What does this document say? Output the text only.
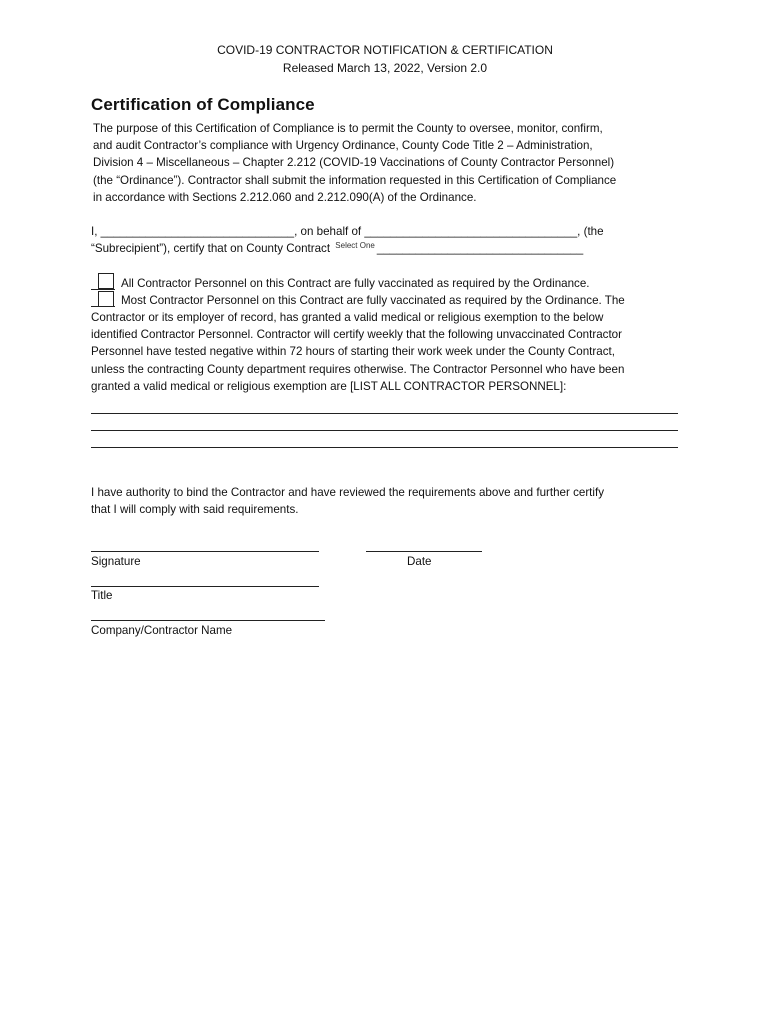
COVID-19 CONTRACTOR NOTIFICATION & CERTIFICATION
Released March 13, 2022, Version 2.0
Certification of Compliance
The purpose of this Certification of Compliance is to permit the County to oversee, monitor, confirm,
and audit Contractor’s compliance with Urgency Ordinance, County Code Title 2 – Administration,
Division 4 – Miscellaneous – Chapter 2.212 (COVID-19 Vaccinations of County Contractor Personnel)
(the “Ordinance”). Contractor shall submit the information requested in this Certification of Compliance
in accordance with Sections 2.212.060 and 2.212.090(A) of the Ordinance.
I, ______________________________, on behalf of _________________________________, (the
“Subrecipient”), certify that on County Contract Select One ________________________________
All Contractor Personnel on this Contract are fully vaccinated as required by the Ordinance.
Most Contractor Personnel on this Contract are fully vaccinated as required by the Ordinance. The
Contractor or its employer of record, has granted a valid medical or religious exemption to the below
identified Contractor Personnel. Contractor will certify weekly that the following unvaccinated Contractor
Personnel have tested negative within 72 hours of starting their work week under the County Contract,
unless the contracting County department requires otherwise. The Contractor Personnel who have been
granted a valid medical or religious exemption are [LIST ALL CONTRACTOR PERSONNEL]:
I have authority to bind the Contractor and have reviewed the requirements above and further certify
that I will comply with said requirements.
Signature	Date
Title
Company/Contractor Name
